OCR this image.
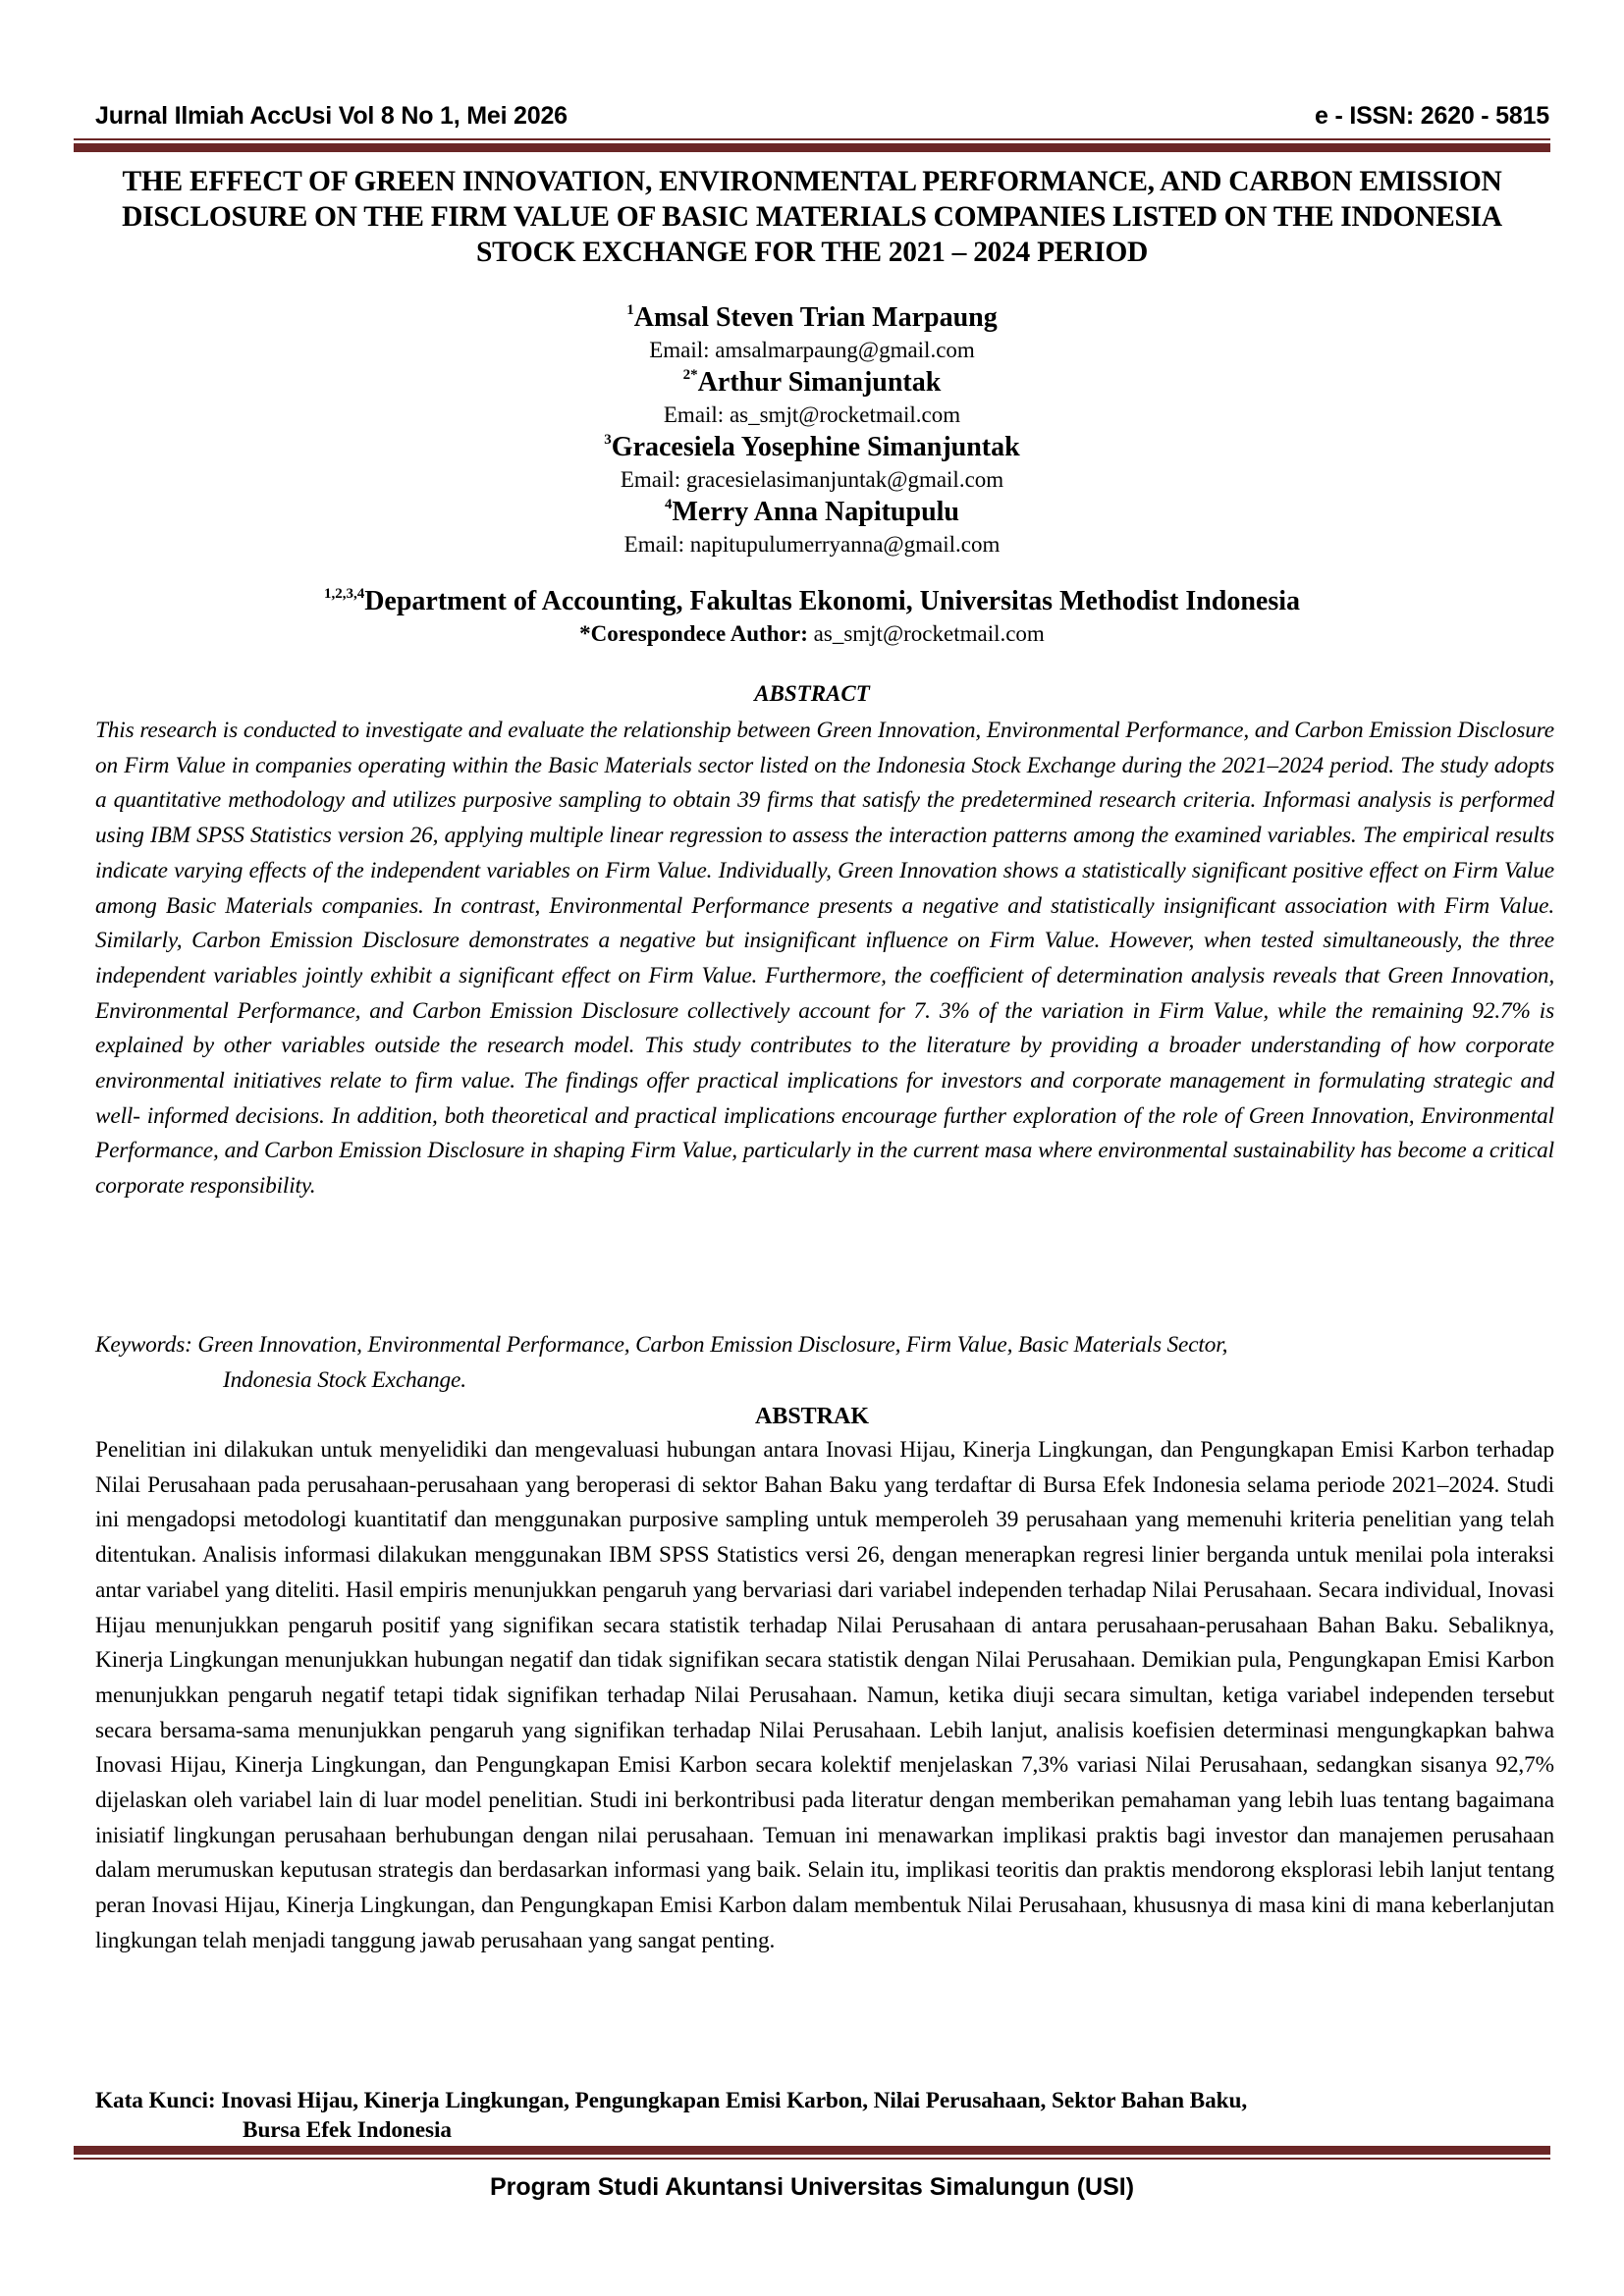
Jurnal Ilmiah AccUsi Vol 8 No 1, Mei 2026	e - ISSN: 2620 - 5815
THE EFFECT OF GREEN INNOVATION, ENVIRONMENTAL PERFORMANCE, AND CARBON EMISSION DISCLOSURE ON THE FIRM VALUE OF BASIC MATERIALS COMPANIES LISTED ON THE INDONESIA STOCK EXCHANGE FOR THE 2021 – 2024 PERIOD
$^1$Amsal Steven Trian Marpaung
Email: amsalmarpaung@gmail.com
$^{2*}$Arthur Simanjuntak
Email: as_smjt@rocketmail.com
$^3$Gracesiela Yosephine Simanjuntak
Email: gracesielasimanjuntak@gmail.com
$^4$Merry Anna Napitupulu
Email: napitupulumerryanna@gmail.com
$^{1,2,3,4}$Department of Accounting, Fakultas Ekonomi, Universitas Methodist Indonesia
*Corespondece Author: as_smjt@rocketmail.com
ABSTRACT

This research is conducted to investigate and evaluate the relationship between Green Innovation, Environmental Performance, and Carbon Emission Disclosure on Firm Value in companies operating within the Basic Materials sector listed on the Indonesia Stock Exchange during the 2021–2024 period. The study adopts a quantitative methodology and utilizes purposive sampling to obtain 39 firms that satisfy the predetermined research criteria. Informasi analysis is performed using IBM SPSS Statistics version 26, applying multiple linear regression to assess the interaction patterns among the examined variables. The empirical results indicate varying effects of the independent variables on Firm Value. Individually, Green Innovation shows a statistically significant positive effect on Firm Value among Basic Materials companies. In contrast, Environmental Performance presents a negative and statistically insignificant association with Firm Value. Similarly, Carbon Emission Disclosure demonstrates a negative but insignificant influence on Firm Value. However, when tested simultaneously, the three independent variables jointly exhibit a significant effect on Firm Value. Furthermore, the coefficient of determination analysis reveals that Green Innovation, Environmental Performance, and Carbon Emission Disclosure collectively account for 7. 3% of the variation in Firm Value, while the remaining 92.7% is explained by other variables outside the research model. This study contributes to the literature by providing a broader understanding of how corporate environmental initiatives relate to firm value. The findings offer practical implications for investors and corporate management in formulating strategic and well- informed decisions. In addition, both theoretical and practical implications encourage further exploration of the role of Green Innovation, Environmental Performance, and Carbon Emission Disclosure in shaping Firm Value, particularly in the current masa where environmental sustainability has become a critical corporate responsibility.

Keywords: Green Innovation, Environmental Performance, Carbon Emission Disclosure, Firm Value, Basic Materials Sector,
Indonesia Stock Exchange.
ABSTRAK

Penelitian ini dilakukan untuk menyelidiki dan mengevaluasi hubungan antara Inovasi Hijau, Kinerja Lingkungan, dan Pengungkapan Emisi Karbon terhadap Nilai Perusahaan pada perusahaan-perusahaan yang beroperasi di sektor Bahan Baku yang terdaftar di Bursa Efek Indonesia selama periode 2021–2024. Studi ini mengadopsi metodologi kuantitatif dan menggunakan purposive sampling untuk memperoleh 39 perusahaan yang memenuhi kriteria penelitian yang telah ditentukan. Analisis informasi dilakukan menggunakan IBM SPSS Statistics versi 26, dengan menerapkan regresi linier berganda untuk menilai pola interaksi antar variabel yang diteliti. Hasil empiris menunjukkan pengaruh yang bervariasi dari variabel independen terhadap Nilai Perusahaan. Secara individual, Inovasi Hijau menunjukkan pengaruh positif yang signifikan secara statistik terhadap Nilai Perusahaan di antara perusahaan-perusahaan Bahan Baku. Sebaliknya, Kinerja Lingkungan menunjukkan hubungan negatif dan tidak signifikan secara statistik dengan Nilai Perusahaan. Demikian pula, Pengungkapan Emisi Karbon menunjukkan pengaruh negatif tetapi tidak signifikan terhadap Nilai Perusahaan. Namun, ketika diuji secara simultan, ketiga variabel independen tersebut secara bersama-sama menunjukkan pengaruh yang signifikan terhadap Nilai Perusahaan. Lebih lanjut, analisis koefisien determinasi mengungkapkan bahwa Inovasi Hijau, Kinerja Lingkungan, dan Pengungkapan Emisi Karbon secara kolektif menjelaskan 7,3% variasi Nilai Perusahaan, sedangkan sisanya 92,7% dijelaskan oleh variabel lain di luar model penelitian. Studi ini berkontribusi pada literatur dengan memberikan pemahaman yang lebih luas tentang bagaimana inisiatif lingkungan perusahaan berhubungan dengan nilai perusahaan. Temuan ini menawarkan implikasi praktis bagi investor dan manajemen perusahaan dalam merumuskan keputusan strategis dan berdasarkan informasi yang baik. Selain itu, implikasi teoritis dan praktis mendorong eksplorasi lebih lanjut tentang peran Inovasi Hijau, Kinerja Lingkungan, dan Pengungkapan Emisi Karbon dalam membentuk Nilai Perusahaan, khususnya di masa kini di mana keberlanjutan lingkungan telah menjadi tanggung jawab perusahaan yang sangat penting.

Kata Kunci: Inovasi Hijau, Kinerja Lingkungan, Pengungkapan Emisi Karbon, Nilai Perusahaan, Sektor Bahan Baku,
Bursa Efek Indonesia
Program Studi Akuntansi Universitas Simalungun (USI)
